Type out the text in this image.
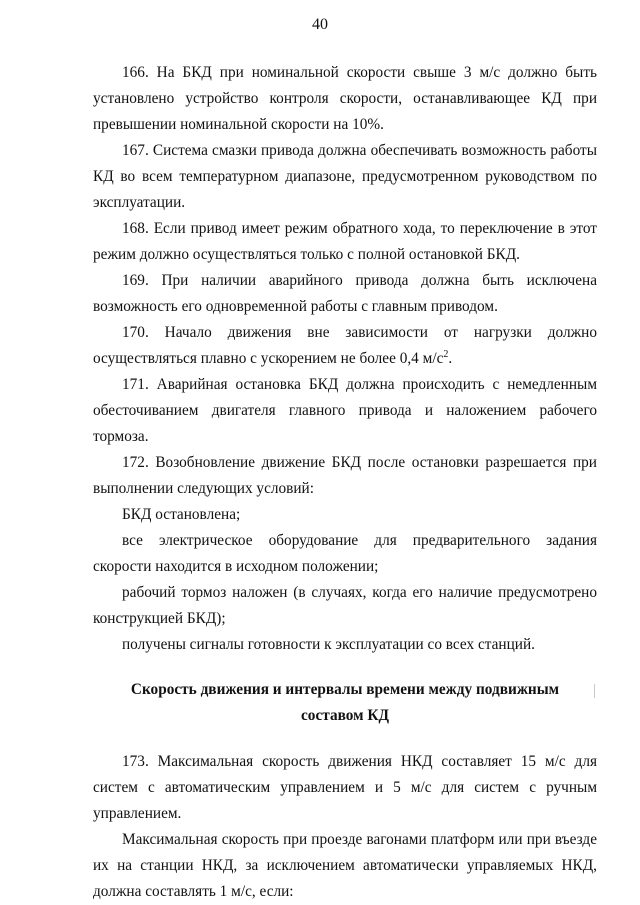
40

166. На БКД при номинальной скорости свыше 3 м/с должно быть установлено устройство контроля скорости, останавливающее КД при превышении номинальной скорости на 10%.

167. Система смазки привода должна обеспечивать возможность работы КД во всем температурном диапазоне, предусмотренном руководством по эксплуатации.

168. Если привод имеет режим обратного хода, то переключение в этот режим должно осуществляться только с полной остановкой БКД.

169. При наличии аварийного привода должна быть исключена возможность его одновременной работы с главным приводом.

170. Начало движения вне зависимости от нагрузки должно осуществляться плавно с ускорением не более 0,4 $м/с^2$.

171. Аварийная остановка БКД должна происходить с немедленным обесточиванием двигателя главного привода и наложением рабочего тормоза.

172. Возобновление движение БКД после остановки разрешается при выполнении следующих условий:

БКД остановлена;

все электрическое оборудование для предварительного задания скорости находится в исходном положении;

рабочий тормоз наложен (в случаях, когда его наличие предусмотрено конструкцией БКД);

получены сигналы готовности к эксплуатации со всех станций.

Скорость движения и интервалы времени между подвижным

составом КД

173. Максимальная скорость движения НКД составляет 15 м/с для систем с автоматическим управлением и 5 м/с для систем с ручным управлением.

Максимальная скорость при проезде вагонами платформ или при въезде их на станции НКД, за исключением автоматически управляемых НКД, должна составлять 1 м/с, если:
